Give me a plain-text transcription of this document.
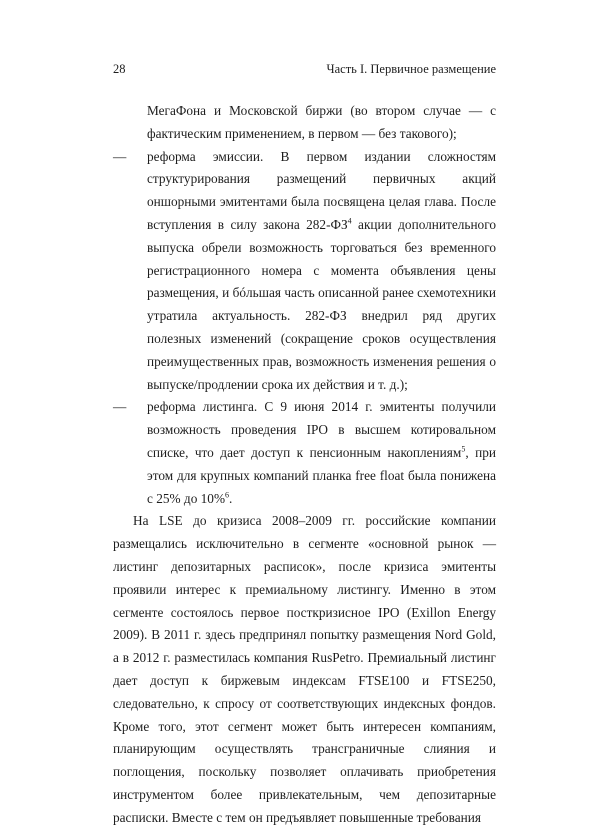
28	Часть I. Первичное размещение
МегаФона и Московской биржи (во втором случае — с фактическим применением, в первом — без такового);
— реформа эмиссии. В первом издании сложностям структурирования размещений первичных акций оншорными эмитентами была посвящена целая глава. После вступления в силу закона $282-ФЗ^4$ акции дополнительного выпуска обрели возможность торговаться без временного регистрационного номера с момента объявления цены размещения, и бóльшая часть описанной ранее схемотехники утратила актуальность. 282-ФЗ внедрил ряд других полезных изменений (сокращение сроков осуществления преимущественных прав, возможность изменения решения о выпуске/продлении срока их действия и т. д.);
— реформа листинга. С 9 июня 2014 г. эмитенты получили возможность проведения IPO в высшем котировальном списке, что дает доступ к пенсионным накоплениям$^5$, при этом для крупных компаний планка free float была понижена с 25% до 10%$^6$.
На LSE до кризиса 2008–2009 гг. российские компании размещались исключительно в сегменте «основной рынок — листинг депозитарных расписок», после кризиса эмитенты проявили интерес к премиальному листингу. Именно в этом сегменте состоялось первое посткризисное IPO (Exillon Energy 2009). В 2011 г. здесь предпринял попытку размещения Nord Gold, а в 2012 г. разместилась компания RusPetro. Премиальный листинг дает доступ к биржевым индексам FTSE100 и FTSE250, следовательно, к спросу от соответствующих индексных фондов. Кроме того, этот сегмент может быть интересен компаниям, планирующим осуществлять трансграничные слияния и поглощения, поскольку позволяет оплачивать приобретения инструментом более привлекательным, чем депозитарные расписки. Вместе с тем он предъявляет повышенные требования
